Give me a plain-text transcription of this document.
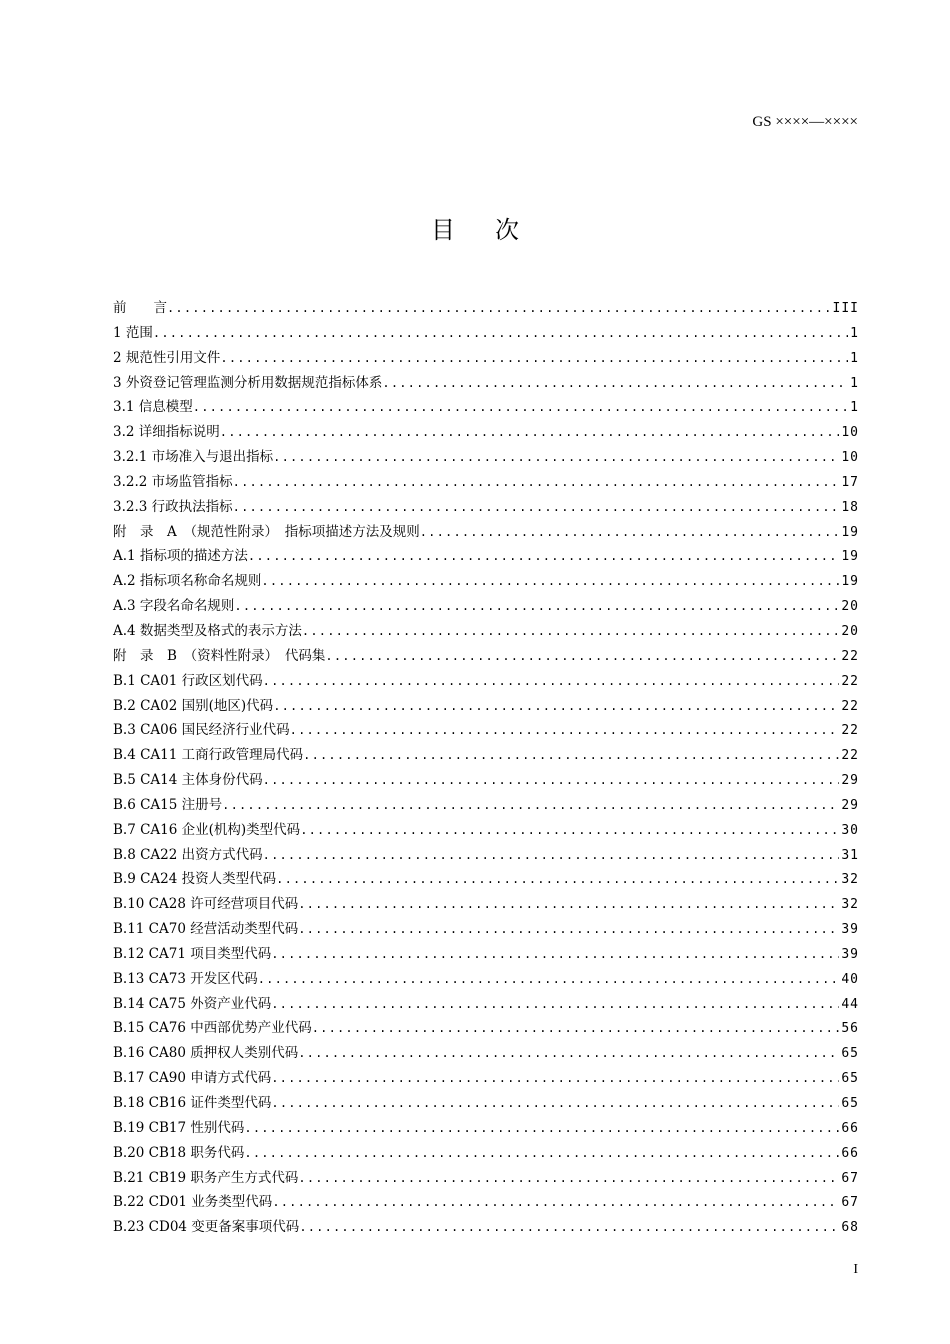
GS ××××—××××
目次
前　　言 .....	III
1 范围 .....	1
2 规范性引用文件 .....	1
3 外资登记管理监测分析用数据规范指标体系 .....	1
3.1 信息模型 .....	1
3.2 详细指标说明 .....	10
3.2.1 市场准入与退出指标 .....	10
3.2.2 市场监管指标 .....	17
3.2.3 行政执法指标 .....	18
附　录　A　（规范性附录）　指标项描述方法及规则 .....	19
A.1 指标项的描述方法 .....	19
A.2 指标项名称命名规则 .....	19
A.3 字段名命名规则 .....	20
A.4 数据类型及格式的表示方法 .....	20
附　录　B　（资料性附录）　代码集 .....	22
B.1 CA01 行政区划代码 .....	22
B.2 CA02 国别(地区)代码 .....	22
B.3 CA06 国民经济行业代码 .....	22
B.4 CA11 工商行政管理局代码 .....	22
B.5 CA14 主体身份代码 .....	29
B.6 CA15 注册号 .....	29
B.7 CA16 企业(机构)类型代码 .....	30
B.8 CA22 出资方式代码 .....	31
B.9 CA24 投资人类型代码 .....	32
B.10 CA28 许可经营项目代码 .....	32
B.11 CA70 经营活动类型代码 .....	39
B.12 CA71 项目类型代码 .....	39
B.13 CA73 开发区代码 .....	40
B.14 CA75 外资产业代码 .....	44
B.15 CA76 中西部优势产业代码 .....	56
B.16 CA80 质押权人类别代码 .....	65
B.17 CA90 申请方式代码 .....	65
B.18 CB16 证件类型代码 .....	65
B.19 CB17 性别代码 .....	66
B.20 CB18 职务代码 .....	66
B.21 CB19 职务产生方式代码 .....	67
B.22 CD01 业务类型代码 .....	67
B.23 CD04 变更备案事项代码 .....	68
I
